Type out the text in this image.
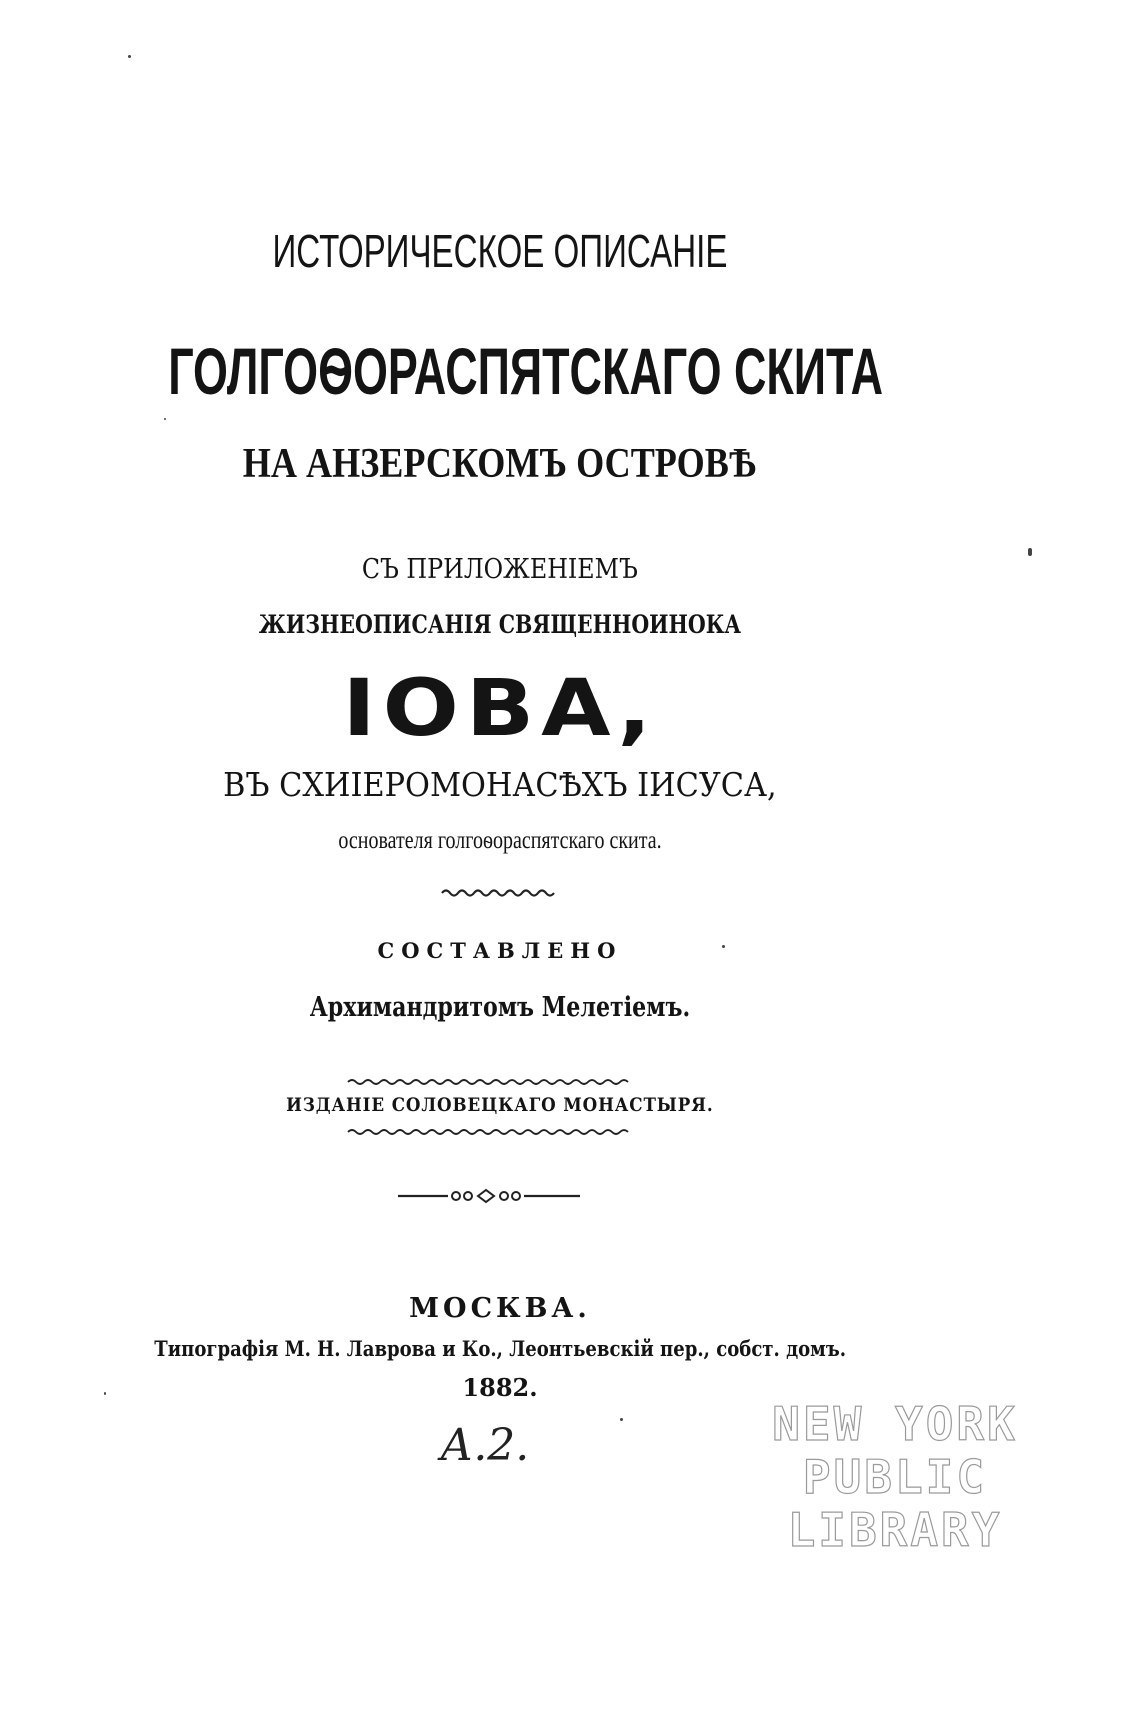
ИСТОРИЧЕСКОЕ ОПИСАНІЕ
ГОЛГОѲОРАСПЯТСКАГО СКИТА
НА АНЗЕРСКОМЪ ОСТРОВѢ
СЪ ПРИЛОЖЕНІЕМЪ
ЖИЗНЕОПИСАНІЯ СВЯЩЕННОИНОКА
ІОВА,
ВЪ СХИІЕРОМОНАСѢХЪ ІИСУСА,
основателя голгоѳораспятскаго скита.
СОСТАВЛЕНО
Архимандритомъ Мелетіемъ.
ИЗДАНІЕ СОЛОВЕЦКАГО МОНАСТЫРЯ.
МОСКВА.
Типографія М. Н. Лаврова и Ко., Леонтьевскій пер., собст. домъ.
1882.
А.2.	NEW YORK
PUBLIC
LIBRARY
